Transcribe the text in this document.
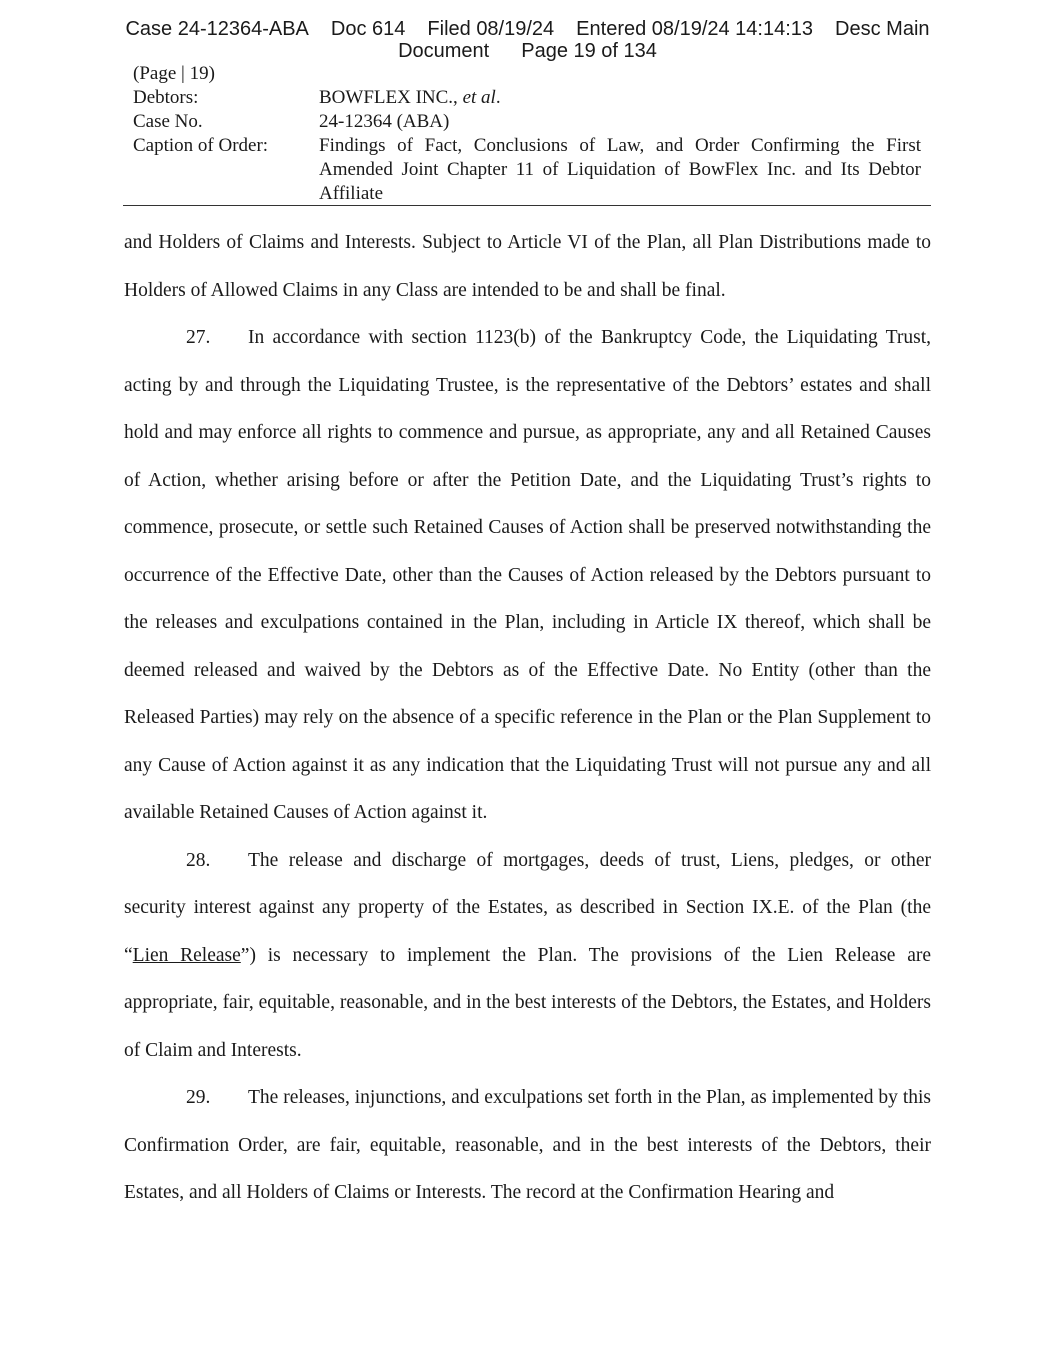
Case 24-12364-ABA Doc 614 Filed 08/19/24 Entered 08/19/24 14:14:13 Desc Main
Document Page 19 of 134
(Page | 19)
Debtors:	BOWFLEX INC., et al.
Case No.	24-12364 (ABA)
Caption of Order:	Findings of Fact, Conclusions of Law, and Order Confirming the First Amended Joint Chapter 11 of Liquidation of BowFlex Inc. and Its Debtor Affiliate

and Holders of Claims and Interests. Subject to Article VI of the Plan, all Plan Distributions made to Holders of Allowed Claims in any Class are intended to be and shall be final.

27. In accordance with section 1123(b) of the Bankruptcy Code, the Liquidating Trust, acting by and through the Liquidating Trustee, is the representative of the Debtors’ estates and shall hold and may enforce all rights to commence and pursue, as appropriate, any and all Retained Causes of Action, whether arising before or after the Petition Date, and the Liquidating Trust’s rights to commence, prosecute, or settle such Retained Causes of Action shall be preserved notwithstanding the occurrence of the Effective Date, other than the Causes of Action released by the Debtors pursuant to the releases and exculpations contained in the Plan, including in Article IX thereof, which shall be deemed released and waived by the Debtors as of the Effective Date. No Entity (other than the Released Parties) may rely on the absence of a specific reference in the Plan or the Plan Supplement to any Cause of Action against it as any indication that the Liquidating Trust will not pursue any and all available Retained Causes of Action against it.

28. The release and discharge of mortgages, deeds of trust, Liens, pledges, or other security interest against any property of the Estates, as described in Section IX.E. of the Plan (the “Lien Release”) is necessary to implement the Plan. The provisions of the Lien Release are appropriate, fair, equitable, reasonable, and in the best interests of the Debtors, the Estates, and Holders of Claim and Interests.

29. The releases, injunctions, and exculpations set forth in the Plan, as implemented by this Confirmation Order, are fair, equitable, reasonable, and in the best interests of the Debtors, their Estates, and all Holders of Claims or Interests. The record at the Confirmation Hearing and
